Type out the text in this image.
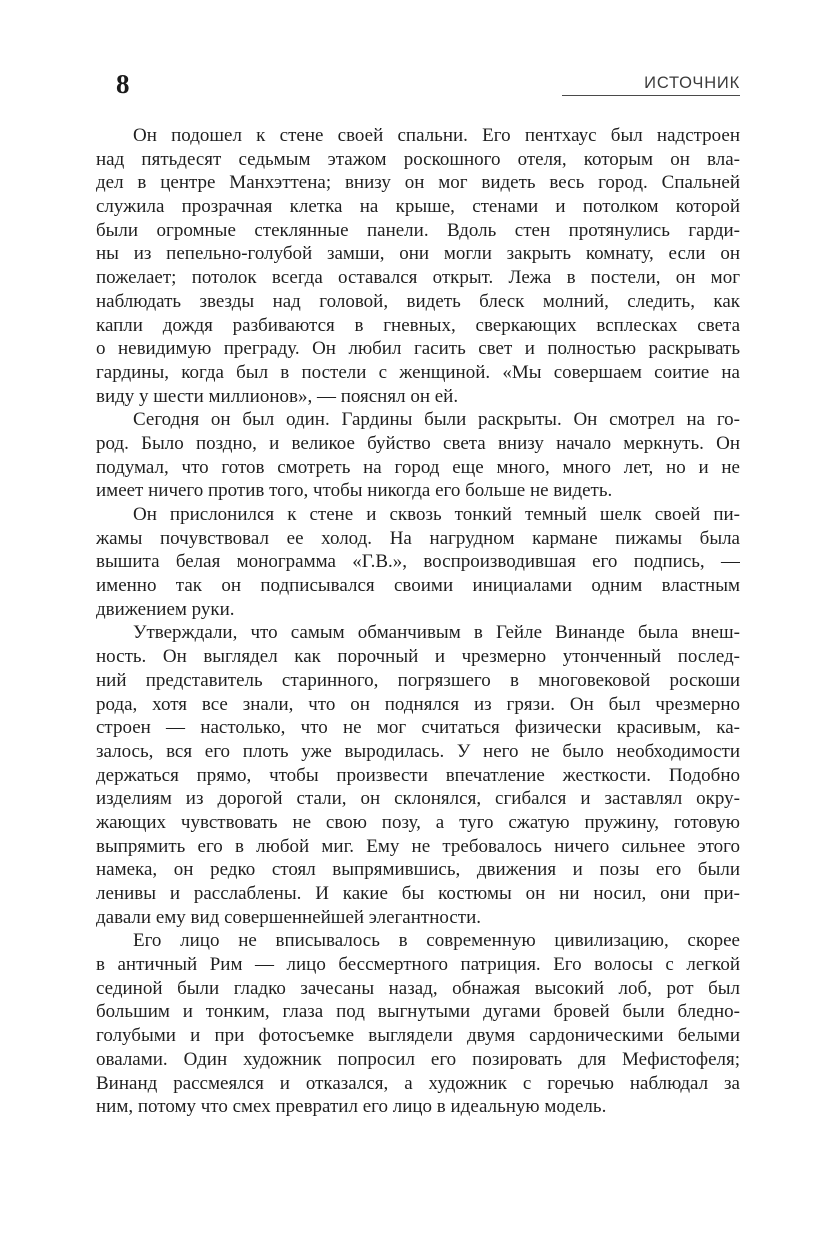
8	ИСТОЧНИК
Он подошел к стене своей спальни. Его пентхаус был надстроен
над пятьдесят седьмым этажом роскошного отеля, которым он вла-
дел в центре Манхэттена; внизу он мог видеть весь город. Спальней
служила прозрачная клетка на крыше, стенами и потолком которой
были огромные стеклянные панели. Вдоль стен протянулись гарди-
ны из пепельно-голубой замши, они могли закрыть комнату, если он
пожелает; потолок всегда оставался открыт. Лежа в постели, он мог
наблюдать звезды над головой, видеть блеск молний, следить, как
капли дождя разбиваются в гневных, сверкающих всплесках света
о невидимую преграду. Он любил гасить свет и полностью раскрывать
гардины, когда был в постели с женщиной. «Мы совершаем соитие на
виду у шести миллионов», — пояснял он ей.
Сегодня он был один. Гардины были раскрыты. Он смотрел на го-
род. Было поздно, и великое буйство света внизу начало меркнуть. Он
подумал, что готов смотреть на город еще много, много лет, но и не
имеет ничего против того, чтобы никогда его больше не видеть.
Он прислонился к стене и сквозь тонкий темный шелк своей пи-
жамы почувствовал ее холод. На нагрудном кармане пижамы была
вышита белая монограмма «Г.В.», воспроизводившая его подпись, —
именно так он подписывался своими инициалами одним властным
движением руки.
Утверждали, что самым обманчивым в Гейле Винанде была внеш-
ность. Он выглядел как порочный и чрезмерно утонченный послед-
ний представитель старинного, погрязшего в многовековой роскоши
рода, хотя все знали, что он поднялся из грязи. Он был чрезмерно
строен — настолько, что не мог считаться физически красивым, ка-
залось, вся его плоть уже выродилась. У него не было необходимости
держаться прямо, чтобы произвести впечатление жесткости. Подобно
изделиям из дорогой стали, он склонялся, сгибался и заставлял окру-
жающих чувствовать не свою позу, а туго сжатую пружину, готовую
выпрямить его в любой миг. Ему не требовалось ничего сильнее этого
намека, он редко стоял выпрямившись, движения и позы его были
ленивы и расслаблены. И какие бы костюмы он ни носил, они при-
давали ему вид совершеннейшей элегантности.
Его лицо не вписывалось в современную цивилизацию, скорее
в античный Рим — лицо бессмертного патриция. Его волосы с легкой
сединой были гладко зачесаны назад, обнажая высокий лоб, рот был
большим и тонким, глаза под выгнутыми дугами бровей были бледно-
голубыми и при фотосъемке выглядели двумя сардоническими белыми
овалами. Один художник попросил его позировать для Мефистофеля;
Винанд рассмеялся и отказался, а художник с горечью наблюдал за
ним, потому что смех превратил его лицо в идеальную модель.
